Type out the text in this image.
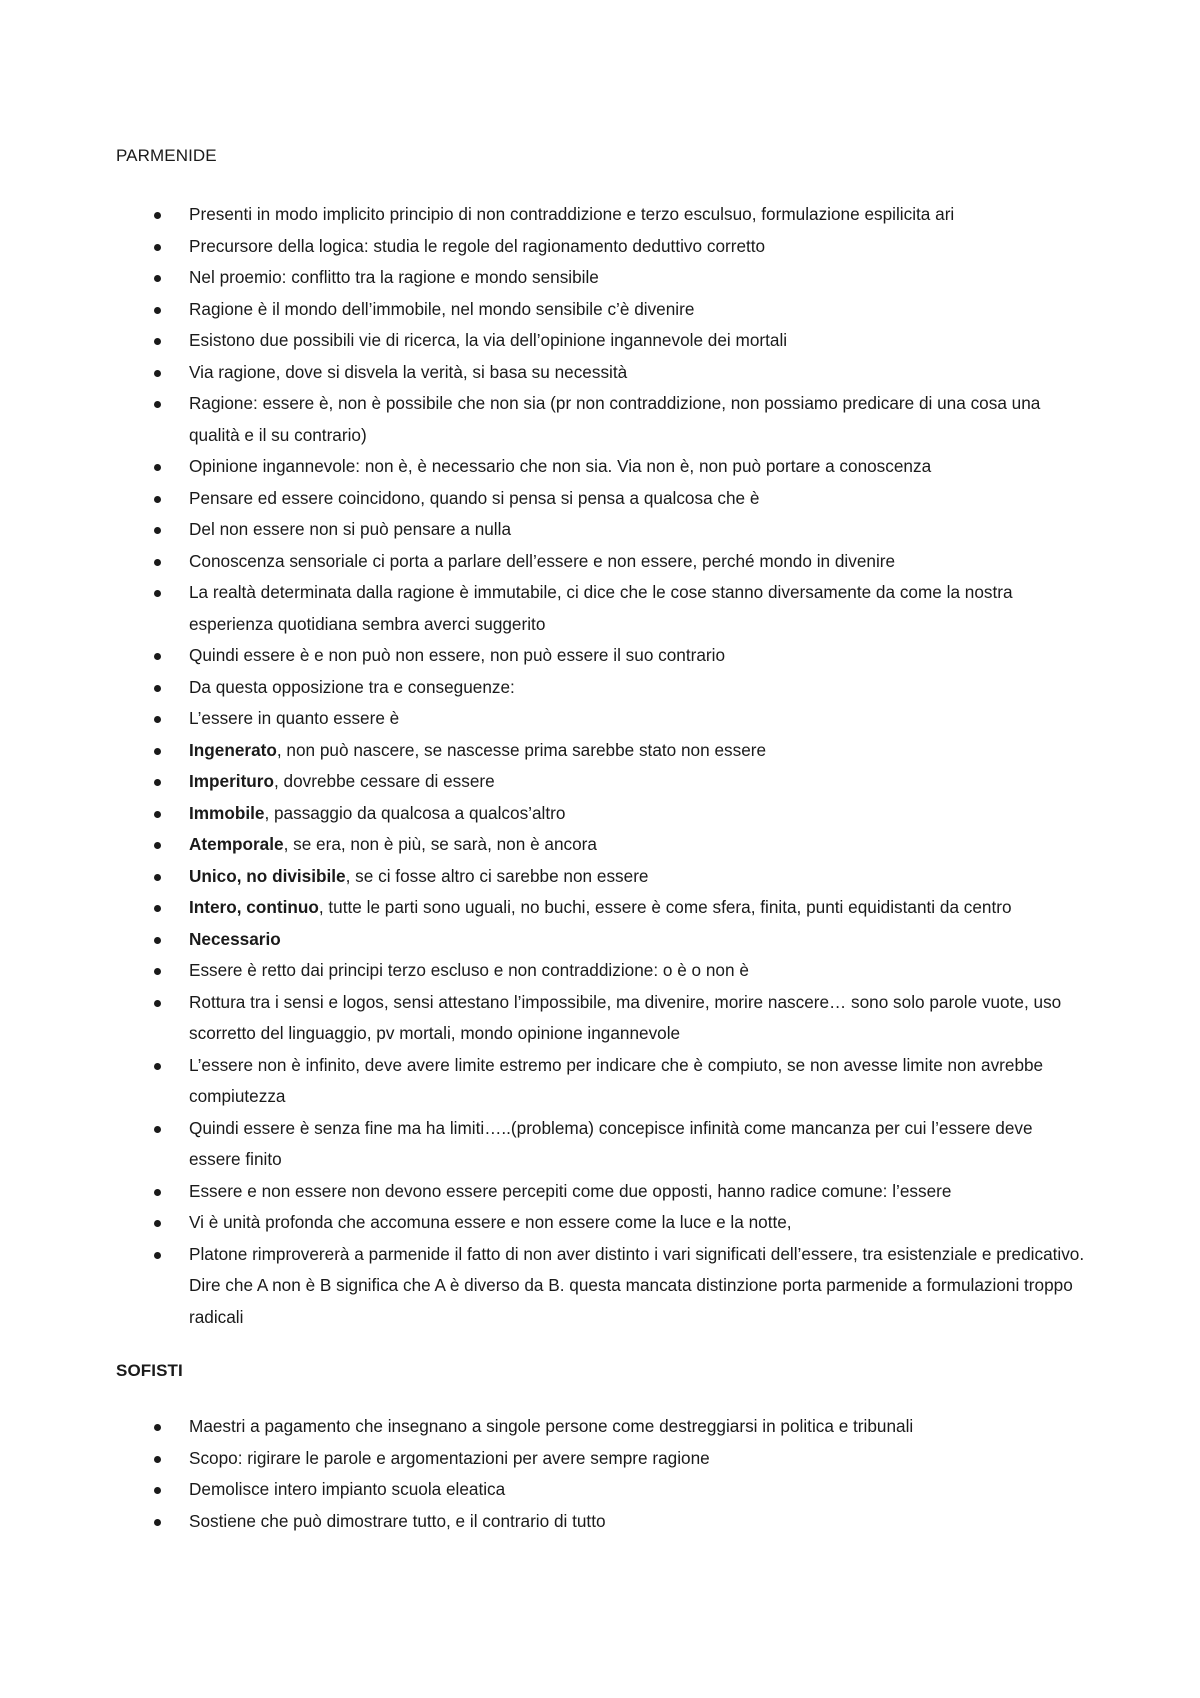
PARMENIDE
Presenti in modo implicito principio di non contraddizione e terzo esculsuo, formulazione espilicita ari
Precursore della logica: studia le regole del ragionamento deduttivo corretto
Nel proemio: conflitto tra la ragione e mondo sensibile
Ragione è il mondo dell’immobile, nel mondo sensibile c’è divenire
Esistono due possibili vie di ricerca, la via dell’opinione ingannevole dei mortali
Via ragione, dove si disvela la verità, si basa su necessità
Ragione: essere è, non è possibile che non sia (pr non contraddizione, non possiamo predicare di una cosa una qualità e il su contrario)
Opinione ingannevole: non è, è necessario che non sia. Via non è, non può portare a conoscenza
Pensare ed essere coincidono, quando si pensa si pensa a qualcosa che è
Del non essere non si può pensare a nulla
Conoscenza sensoriale ci porta a parlare dell’essere e non essere, perché mondo in divenire
La realtà determinata dalla ragione è immutabile, ci dice che le cose stanno diversamente da come la nostra esperienza quotidiana sembra averci suggerito
Quindi essere è e non può non essere, non può essere il suo contrario
Da questa opposizione tra e conseguenze:
L’essere in quanto essere è
Ingenerato, non può nascere, se nascesse prima sarebbe stato non essere
Imperituro, dovrebbe cessare di essere
Immobile, passaggio da qualcosa a qualcos’altro
Atemporale, se era, non è più, se sarà, non è ancora
Unico, no divisibile, se ci fosse altro ci sarebbe non essere
Intero, continuo, tutte le parti sono uguali, no buchi, essere è come sfera, finita, punti equidistanti da centro
Necessario
Essere è retto dai principi terzo escluso e non contraddizione: o è o non è
Rottura tra i sensi e logos, sensi attestano l’impossibile, ma divenire, morire nascere… sono solo parole vuote, uso scorretto del linguaggio, pv mortali, mondo opinione ingannevole
L’essere non è infinito, deve avere limite estremo per indicare che è compiuto, se non avesse limite non avrebbe compiutezza
Quindi essere è senza fine ma ha limiti…..(problema) concepisce infinità come mancanza per cui l’essere deve essere finito
Essere e non essere non devono essere percepiti come due opposti, hanno radice comune: l’essere
Vi è unità profonda che accomuna essere e non essere come la luce e la notte,
Platone rimprovererà a parmenide il fatto di non aver distinto i vari significati dell’essere, tra esistenziale e predicativo. Dire che A non è B significa che A è diverso da B. questa mancata distinzione porta parmenide a formulazioni troppo radicali
SOFISTI
Maestri a pagamento che insegnano a singole persone come destreggiarsi in politica e tribunali
Scopo: rigirare le parole e argomentazioni per avere sempre ragione
Demolisce intero impianto scuola eleatica
Sostiene che può dimostrare tutto, e il contrario di tutto
